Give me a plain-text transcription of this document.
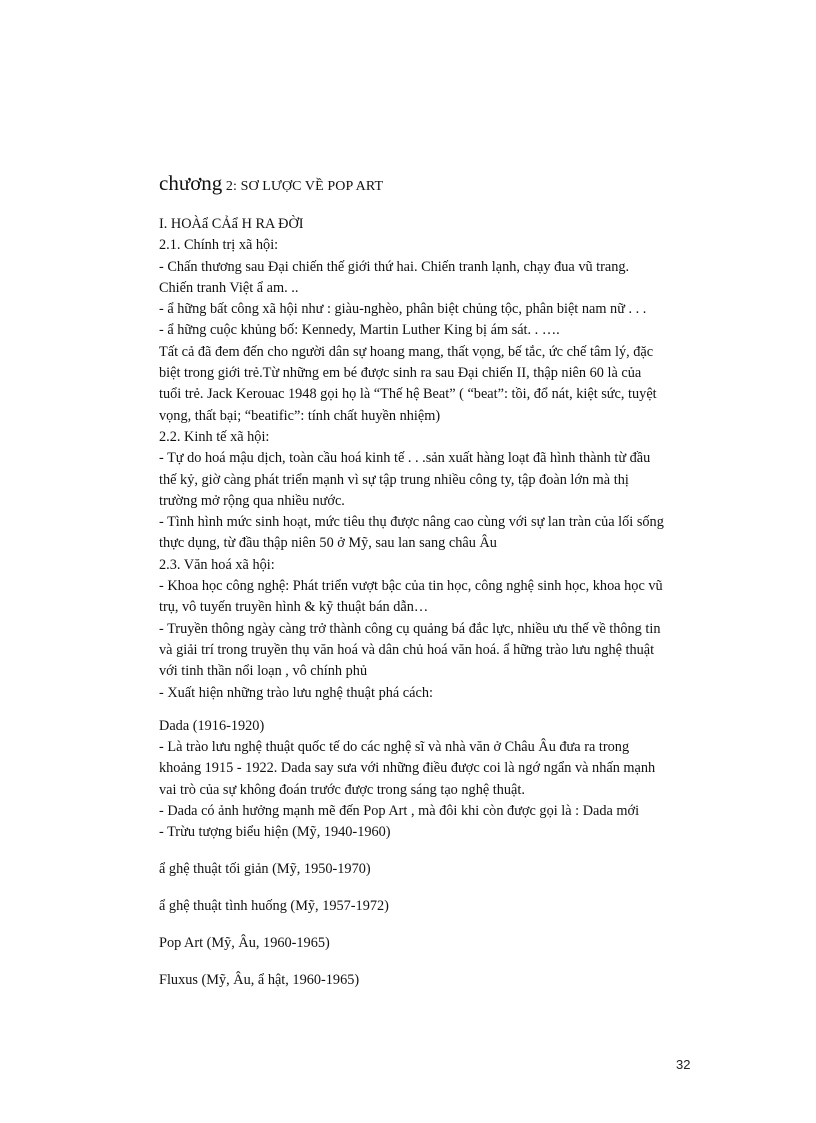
chương 2: SƠ LƯỢC VỀ POP ART

I. HOÀẩ CẢẩ H RA ĐỜI

2.1. Chính trị xã hội:

- Chấn thương sau Đại chiến thế giới thứ hai. Chiến tranh lạnh, chạy đua vũ trang.

Chiến tranh Việt ẩ am. ..

- ẩ hững bất công xã hội như : giàu-nghèo, phân biệt chủng tộc, phân biệt nam nữ . . .

- ẩ hững cuộc khủng bố: Kennedy, Martin Luther King bị ám sát. . ….

Tất cả đã đem đến cho người dân sự hoang mang, thất vọng, bế tắc, ức chế tâm lý, đặc

biệt trong giới trẻ.Từ những em bé được sinh ra sau Đại chiến II, thập niên 60 là của

tuổi trẻ. Jack Kerouac 1948 gọi họ là “Thế hệ Beat” ( “beat”: tồi, đổ nát, kiệt sức, tuyệt

vọng, thất bại; “beatific”: tính chất huyền nhiệm)

2.2. Kinh tế xã hội:

- Tự do hoá mậu dịch, toàn cầu hoá kinh tế . . .sản xuất hàng loạt đã hình thành từ đầu

thế kỷ, giờ càng phát triển mạnh vì sự tập trung nhiều công ty, tập đoàn lớn mà thị

trường mở rộng qua nhiều nước.

- Tình hình mức sinh hoạt, mức tiêu thụ được nâng cao cùng với sự lan tràn của lối sống

thực dụng, từ đầu thập niên 50 ở Mỹ, sau lan sang châu Âu

2.3. Văn hoá xã hội:

- Khoa học công nghệ: Phát triển vượt bậc của tin học, công nghệ sinh học, khoa học vũ

trụ, vô tuyến truyền hình & kỹ thuật bán dẫn…

- Truyền thông ngày càng trở thành công cụ quảng bá đắc lực, nhiều ưu thế về thông tin

và giải trí trong truyền thụ văn hoá và dân chủ hoá văn hoá. ẩ hững trào lưu nghệ thuật

với tinh thần nổi loạn , vô chính phủ

- Xuất hiện những trào lưu nghệ thuật phá cách:

Dada (1916-1920)

- Là trào lưu nghệ thuật quốc tế do các nghệ sĩ và nhà văn ở Châu Âu đưa ra trong

khoảng 1915 - 1922. Dada say sưa với những điều được coi là ngớ ngẩn và nhấn mạnh

vai trò của sự không đoán trước được trong sáng tạo nghệ thuật.

- Dada có ảnh hưởng mạnh mẽ đến Pop Art , mà đôi khi còn được gọi là : Dada mới

- Trừu tượng biểu hiện (Mỹ, 1940-1960)

ẩ ghệ thuật tối giản (Mỹ, 1950-1970)

ẩ ghệ thuật tình huống (Mỹ, 1957-1972)

Pop Art (Mỹ, Âu, 1960-1965)

Fluxus (Mỹ, Âu, ẩ hật, 1960-1965)

32
